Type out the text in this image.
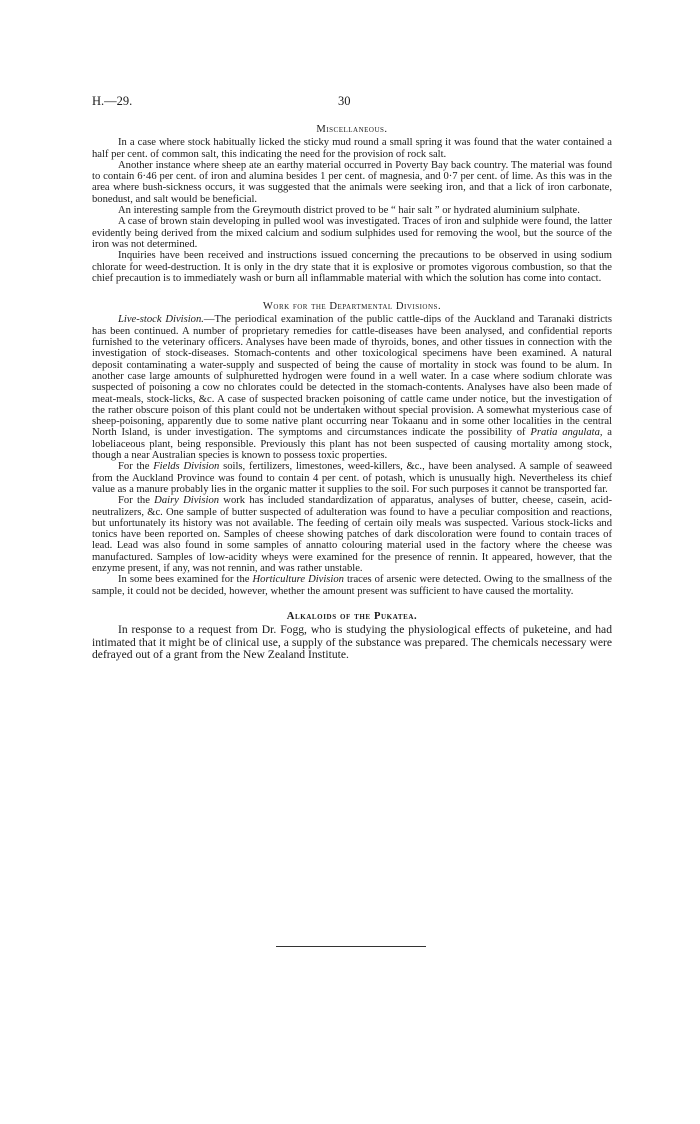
H.—29.	30
Miscellaneous.

In a case where stock habitually licked the sticky mud round a small spring it was found that the water contained a half per cent. of common salt, this indicating the need for the provision of rock salt.

Another instance where sheep ate an earthy material occurred in Poverty Bay back country. The material was found to contain 6·46 per cent. of iron and alumina besides 1 per cent. of magnesia, and 0·7 per cent. of lime. As this was in the area where bush-sickness occurs, it was suggested that the animals were seeking iron, and that a lick of iron carbonate, bonedust, and salt would be beneficial.

An interesting sample from the Greymouth district proved to be “ hair salt ” or hydrated aluminium sulphate.

A case of brown stain developing in pulled wool was investigated. Traces of iron and sulphide were found, the latter evidently being derived from the mixed calcium and sodium sulphides used for removing the wool, but the source of the iron was not determined.

Inquiries have been received and instructions issued concerning the precautions to be observed in using sodium chlorate for weed-destruction. It is only in the dry state that it is explosive or promotes vigorous combustion, so that the chief precaution is to immediately wash or burn all inflammable material with which the solution has come into contact.

Work for the Departmental Divisions.

Live-stock Division.—The periodical examination of the public cattle-dips of the Auckland and Taranaki districts has been continued. A number of proprietary remedies for cattle-diseases have been analysed, and confidential reports furnished to the veterinary officers. Analyses have been made of thyroids, bones, and other tissues in connection with the investigation of stock-diseases. Stomach-contents and other toxicological specimens have been examined. A natural deposit contaminating a water-supply and suspected of being the cause of mortality in stock was found to be alum. In another case large amounts of sulphuretted hydrogen were found in a well water. In a case where sodium chlorate was suspected of poisoning a cow no chlorates could be detected in the stomach-contents. Analyses have also been made of meat-meals, stock-licks, &c. A case of suspected bracken poisoning of cattle came under notice, but the investigation of the rather obscure poison of this plant could not be undertaken without special provision. A somewhat mysterious case of sheep-poisoning, apparently due to some native plant occurring near Tokaanu and in some other localities in the central North Island, is under investigation. The symptoms and circumstances indicate the possibility of Pratia angulata, a lobeliaceous plant, being responsible. Previously this plant has not been suspected of causing mortality among stock, though a near Australian species is known to possess toxic properties.

For the Fields Division soils, fertilizers, limestones, weed-killers, &c., have been analysed. A sample of seaweed from the Auckland Province was found to contain 4 per cent. of potash, which is unusually high. Nevertheless its chief value as a manure probably lies in the organic matter it supplies to the soil. For such purposes it cannot be transported far.

For the Dairy Division work has included standardization of apparatus, analyses of butter, cheese, casein, acid-neutralizers, &c. One sample of butter suspected of adulteration was found to have a peculiar composition and reactions, but unfortunately its history was not available. The feeding of certain oily meals was suspected. Various stock-licks and tonics have been reported on. Samples of cheese showing patches of dark discoloration were found to contain traces of lead. Lead was also found in some samples of annatto colouring material used in the factory where the cheese was manufactured. Samples of low-acidity wheys were examined for the presence of rennin. It appeared, however, that the enzyme present, if any, was not rennin, and was rather unstable.

In some bees examined for the Horticulture Division traces of arsenic were detected. Owing to the smallness of the sample, it could not be decided, however, whether the amount present was sufficient to have caused the mortality.

Alkaloids of the Pukatea.

In response to a request from Dr. Fogg, who is studying the physiological effects of puketeine, and had intimated that it might be of clinical use, a supply of the substance was prepared. The chemicals necessary were defrayed out of a grant from the New Zealand Institute.
